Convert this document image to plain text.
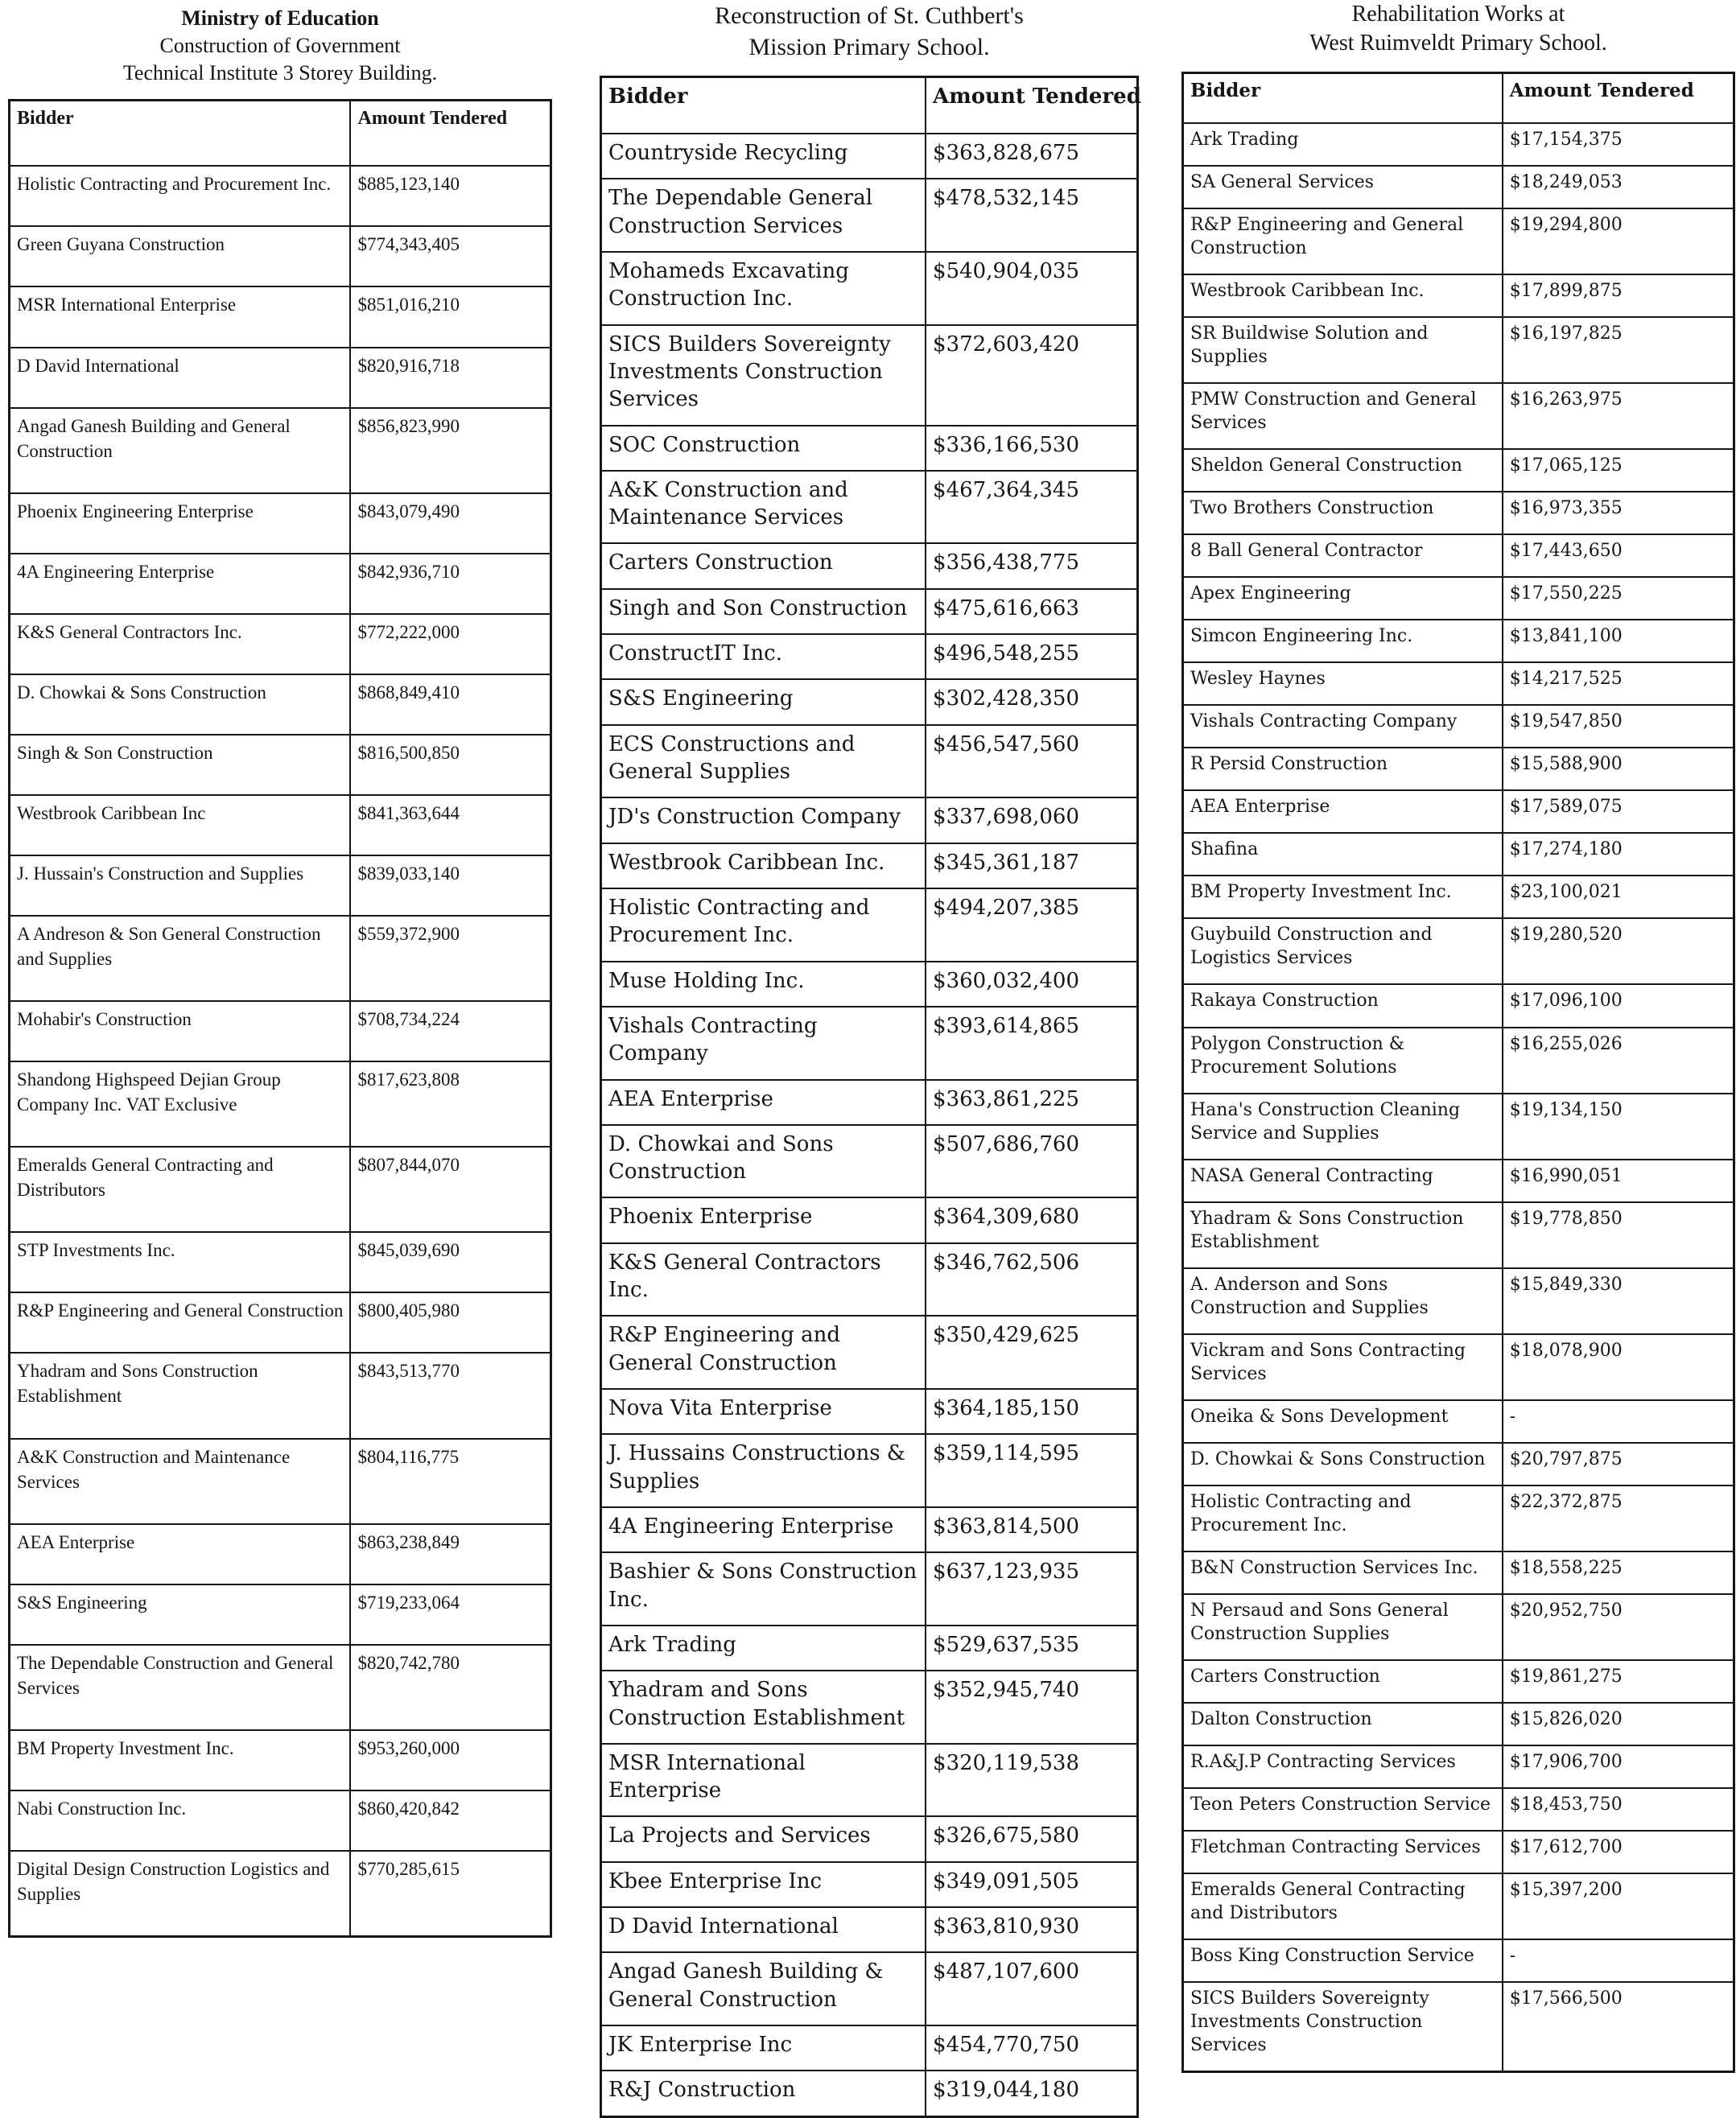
Ministry of Education
Construction of Government
Technical Institute 3 Storey Building.
Bidder	Amount Tendered
Holistic Contracting and Procurement Inc.	$885,123,140
Green Guyana Construction	$774,343,405
MSR International Enterprise	$851,016,210
D David International	$820,916,718
Angad Ganesh Building and General Construction	$856,823,990
Phoenix Engineering Enterprise	$843,079,490
4A Engineering Enterprise	$842,936,710
K&S General Contractors Inc.	$772,222,000
D. Chowkai & Sons Construction	$868,849,410
Singh & Son Construction	$816,500,850
Westbrook Caribbean Inc	$841,363,644
J. Hussain's Construction and Supplies	$839,033,140
A Andreson & Son General Construction and Supplies	$559,372,900
Mohabir's Construction	$708,734,224
Shandong Highspeed Dejian Group Company Inc. VAT Exclusive	$817,623,808
Emeralds General Contracting and Distributors	$807,844,070
STP Investments Inc.	$845,039,690
R&P Engineering and General Construction	$800,405,980
Yhadram and Sons Construction Establishment	$843,513,770
A&K Construction and Maintenance Services	$804,116,775
AEA Enterprise	$863,238,849
S&S Engineering	$719,233,064
The Dependable Construction and General Services	$820,742,780
BM Property Investment Inc.	$953,260,000
Nabi Construction Inc.	$860,420,842
Digital Design Construction Logistics and Supplies	$770,285,615
Reconstruction of St. Cuthbert's
Mission Primary School.
Bidder	Amount Tendered
Countryside Recycling	$363,828,675
The Dependable General Construction Services	$478,532,145
Mohameds Excavating Construction Inc.	$540,904,035
SICS Builders Sovereignty Investments Construction Services	$372,603,420
SOC Construction	$336,166,530
A&K Construction and Maintenance Services	$467,364,345
Carters Construction	$356,438,775
Singh and Son Construction	$475,616,663
ConstructIT Inc.	$496,548,255
S&S Engineering	$302,428,350
ECS Constructions and General Supplies	$456,547,560
JD's Construction Company	$337,698,060
Westbrook Caribbean Inc.	$345,361,187
Holistic Contracting and Procurement Inc.	$494,207,385
Muse Holding Inc.	$360,032,400
Vishals Contracting Company	$393,614,865
AEA Enterprise	$363,861,225
D. Chowkai and Sons Construction	$507,686,760
Phoenix Enterprise	$364,309,680
K&S General Contractors Inc.	$346,762,506
R&P Engineering and General Construction	$350,429,625
Nova Vita Enterprise	$364,185,150
J. Hussains Constructions & Supplies	$359,114,595
4A Engineering Enterprise	$363,814,500
Bashier & Sons Construction Inc.	$637,123,935
Ark Trading	$529,637,535
Yhadram and Sons Construction Establishment	$352,945,740
MSR International Enterprise	$320,119,538
La Projects and Services	$326,675,580
Kbee Enterprise Inc	$349,091,505
D David International	$363,810,930
Angad Ganesh Building & General Construction	$487,107,600
JK Enterprise Inc	$454,770,750
R&J Construction	$319,044,180
Rehabilitation Works at
West Ruimveldt Primary School.
Bidder	Amount Tendered
Ark Trading	$17,154,375
SA General Services	$18,249,053
R&P Engineering and General Construction	$19,294,800
Westbrook Caribbean Inc.	$17,899,875
SR Buildwise Solution and Supplies	$16,197,825
PMW Construction and General Services	$16,263,975
Sheldon General Construction	$17,065,125
Two Brothers Construction	$16,973,355
8 Ball General Contractor	$17,443,650
Apex Engineering	$17,550,225
Simcon Engineering Inc.	$13,841,100
Wesley Haynes	$14,217,525
Vishals Contracting Company	$19,547,850
R Persid Construction	$15,588,900
AEA Enterprise	$17,589,075
Shafina	$17,274,180
BM Property Investment Inc.	$23,100,021
Guybuild Construction and Logistics Services	$19,280,520
Rakaya Construction	$17,096,100
Polygon Construction & Procurement Solutions	$16,255,026
Hana's Construction Cleaning Service and Supplies	$19,134,150
NASA General Contracting	$16,990,051
Yhadram & Sons Construction Establishment	$19,778,850
A. Anderson and Sons Construction and Supplies	$15,849,330
Vickram and Sons Contracting Services	$18,078,900
Oneika & Sons Development	-
D. Chowkai & Sons Construction	$20,797,875
Holistic Contracting and Procurement Inc.	$22,372,875
B&N Construction Services Inc.	$18,558,225
N Persaud and Sons General Construction Supplies	$20,952,750
Carters Construction	$19,861,275
Dalton Construction	$15,826,020
R.A&J.P Contracting Services	$17,906,700
Teon Peters Construction Service	$18,453,750
Fletchman Contracting Services	$17,612,700
Emeralds General Contracting and Distributors	$15,397,200
Boss King Construction Service	-
SICS Builders Sovereignty Investments Construction Services	$17,566,500
